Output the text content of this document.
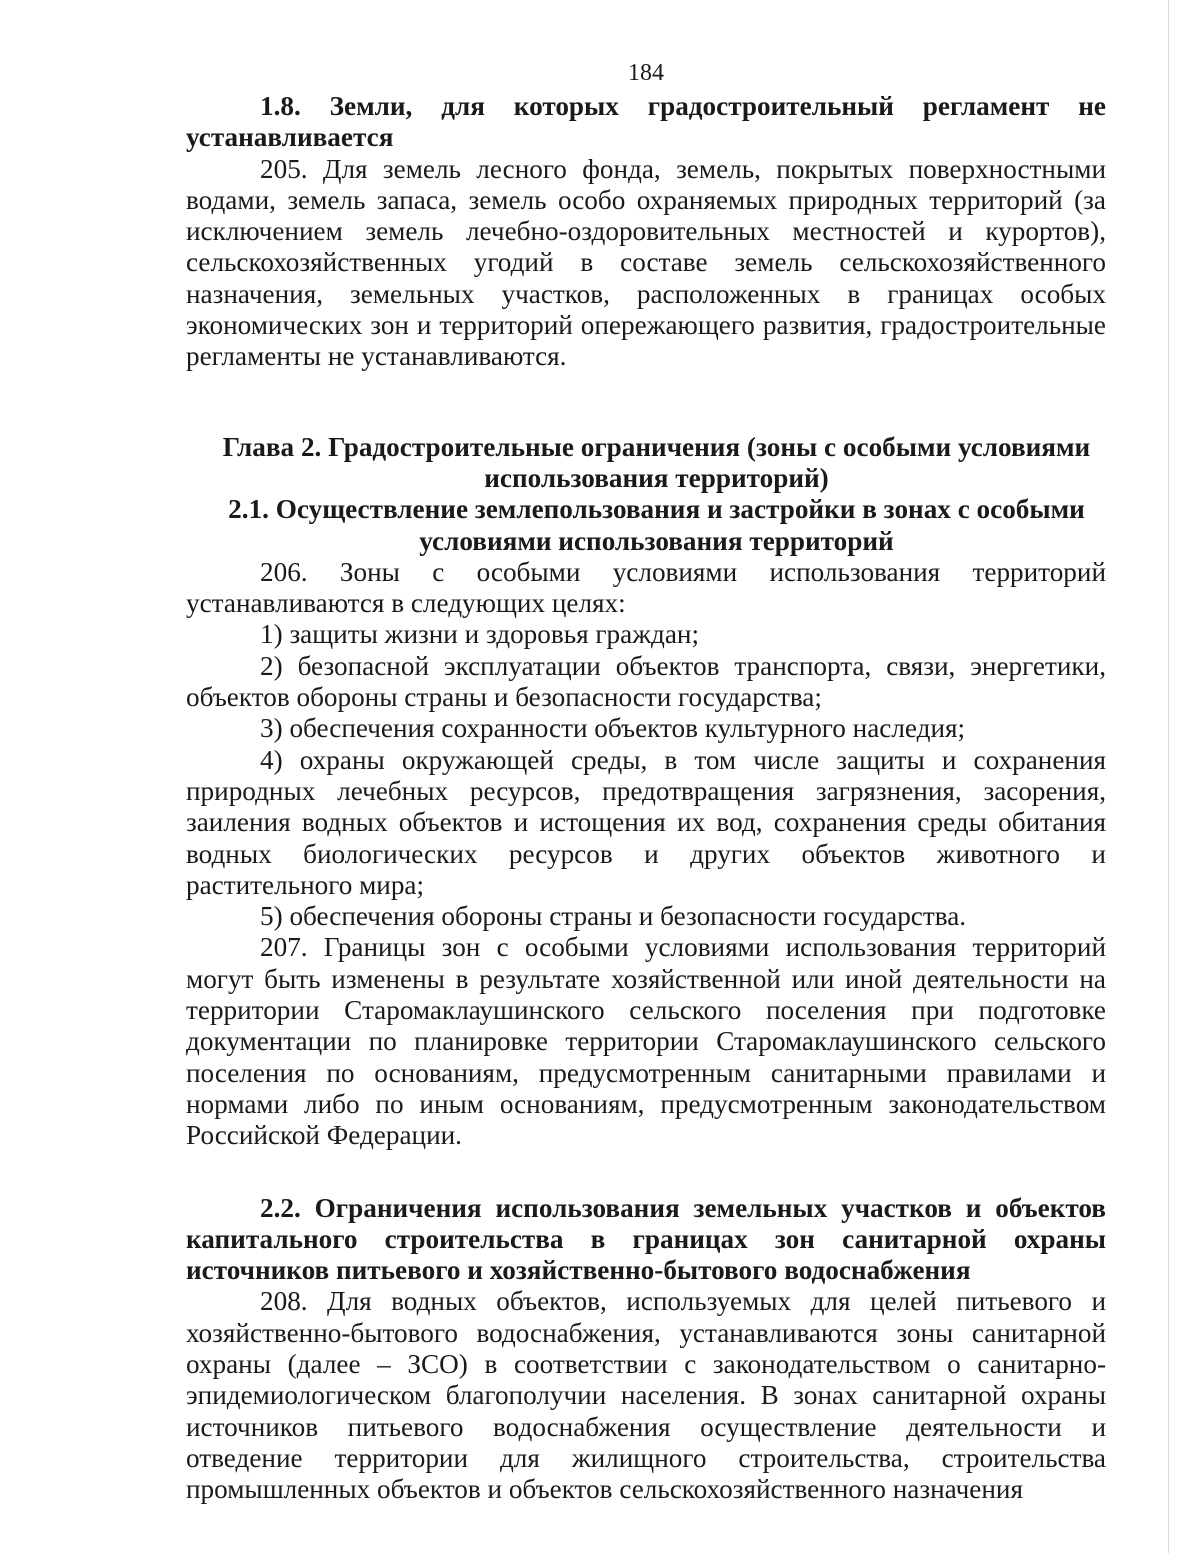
184

1.8. Земли, для которых градостроительный регламент не устанавливается

205. Для земель лесного фонда, земель, покрытых поверхностными водами, земель запаса, земель особо охраняемых природных территорий (за исключением земель лечебно-оздоровительных местностей и курортов), сельскохозяйственных угодий в составе земель сельскохозяйственного назначения, земельных участков, расположенных в границах особых экономических зон и территорий опережающего развития, градостроительные регламенты не устанавливаются.

Глава 2. Градостроительные ограничения (зоны с особыми условиями использования территорий)

2.1. Осуществление землепользования и застройки в зонах с особыми условиями использования территорий

206. Зоны с особыми условиями использования территорий устанавливаются в следующих целях:

1) защиты жизни и здоровья граждан;

2) безопасной эксплуатации объектов транспорта, связи, энергетики, объектов обороны страны и безопасности государства;

3) обеспечения сохранности объектов культурного наследия;

4) охраны окружающей среды, в том числе защиты и сохранения природных лечебных ресурсов, предотвращения загрязнения, засорения, заиления водных объектов и истощения их вод, сохранения среды обитания водных биологических ресурсов и других объектов животного и растительного мира;

5) обеспечения обороны страны и безопасности государства.

207. Границы зон с особыми условиями использования территорий могут быть изменены в результате хозяйственной или иной деятельности на территории Старомаклаушинского сельского поселения при подготовке документации по планировке территории Старомаклаушинского сельского поселения по основаниям, предусмотренным санитарными правилами и нормами либо по иным основаниям, предусмотренным законодательством Российской Федерации.

2.2. Ограничения использования земельных участков и объектов капитального строительства в границах зон санитарной охраны источников питьевого и хозяйственно-бытового водоснабжения

208. Для водных объектов, используемых для целей питьевого и хозяйственно-бытового водоснабжения, устанавливаются зоны санитарной охраны (далее – ЗСО) в соответствии с законодательством о санитарно-эпидемиологическом благополучии населения. В зонах санитарной охраны источников питьевого водоснабжения осуществление деятельности и отведение территории для жилищного строительства, строительства промышленных объектов и объектов сельскохозяйственного назначения
